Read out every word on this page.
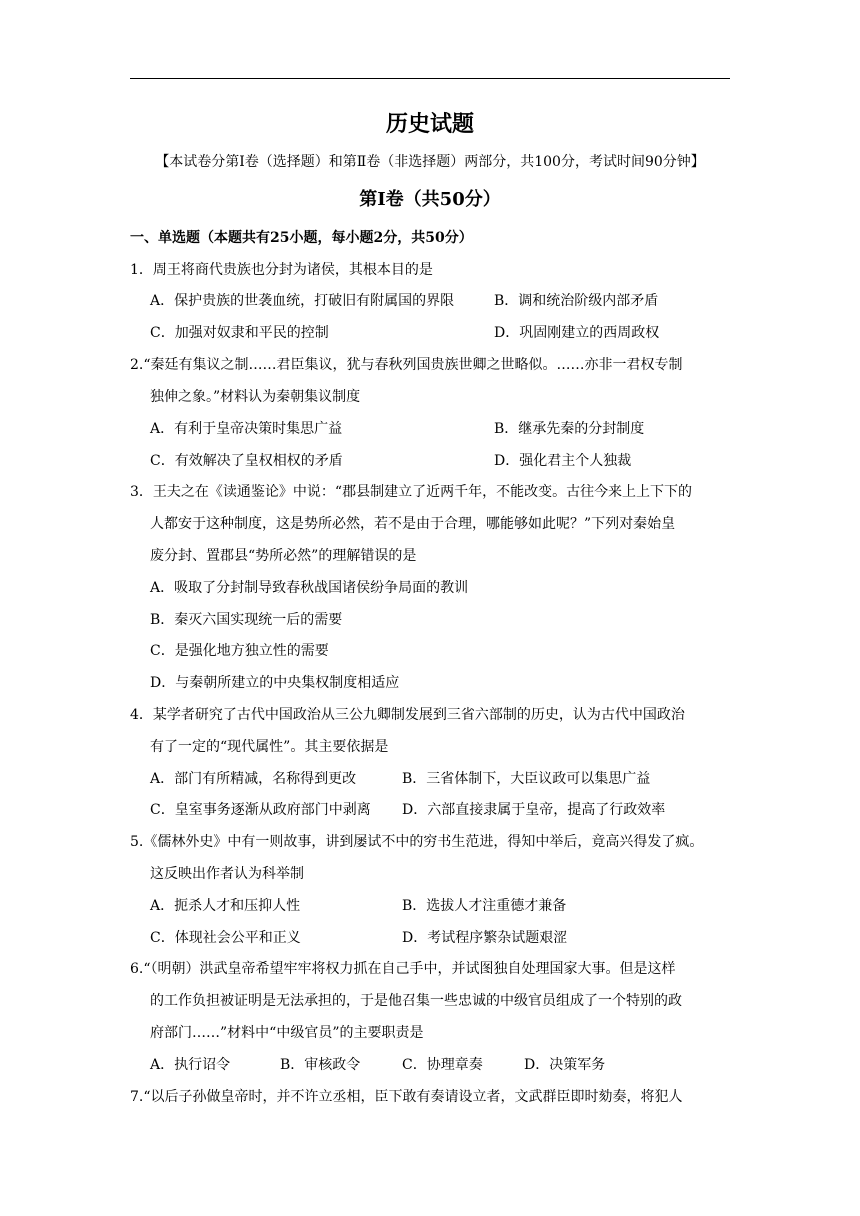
历史试题
【本试卷分第Ⅰ卷（选择题）和第Ⅱ卷（非选择题）两部分，共100分，考试时间90分钟】
第Ⅰ卷（共50分）
一、单选题（本题共有25小题，每小题2分，共50分）
1．周王将商代贵族也分封为诸侯，其根本目的是
A．保护贵族的世袭血统，打破旧有附属国的界限	B．调和统治阶级内部矛盾
C．加强对奴隶和平民的控制	D．巩固刚建立的西周政权
2.“秦廷有集议之制……君臣集议，犹与春秋列国贵族世卿之世略似。……亦非一君权专制
独伸之象。”材料认为秦朝集议制度
A．有利于皇帝决策时集思广益	B．继承先秦的分封制度
C．有效解决了皇权相权的矛盾	D．强化君主个人独裁
3．王夫之在《读通鉴论》中说：“郡县制建立了近两千年，不能改变。古往今来上上下下的
人都安于这种制度，这是势所必然，若不是由于合理，哪能够如此呢？”下列对秦始皇
废分封、置郡县“势所必然”的理解错误的是
A．吸取了分封制导致春秋战国诸侯纷争局面的教训
B．秦灭六国实现统一后的需要
C．是强化地方独立性的需要
D．与秦朝所建立的中央集权制度相适应
4．某学者研究了古代中国政治从三公九卿制发展到三省六部制的历史，认为古代中国政治
有了一定的“现代属性”。其主要依据是
A．部门有所精减，名称得到更改	B．三省体制下，大臣议政可以集思广益
C．皇室事务逐渐从政府部门中剥离 D．六部直接隶属于皇帝，提高了行政效率
5.《儒林外史》中有一则故事，讲到屡试不中的穷书生范进，得知中举后，竟高兴得发了疯。
这反映出作者认为科举制
A．扼杀人才和压抑人性	B．选拔人才注重德才兼备
C．体现社会公平和正义	D．考试程序繁杂试题艰涩
6.“（明朝）洪武皇帝希望牢牢将权力抓在自己手中，并试图独自处理国家大事。但是这样
的工作负担被证明是无法承担的，于是他召集一些忠诚的中级官员组成了一个特别的政
府部门……”材料中“中级官员”的主要职责是
A．执行诏令	B．审核政令	C．协理章奏	D．决策军务
7.“以后子孙做皇帝时，并不许立丞相，臣下敢有奏请设立者，文武群臣即时劾奏，将犯人
